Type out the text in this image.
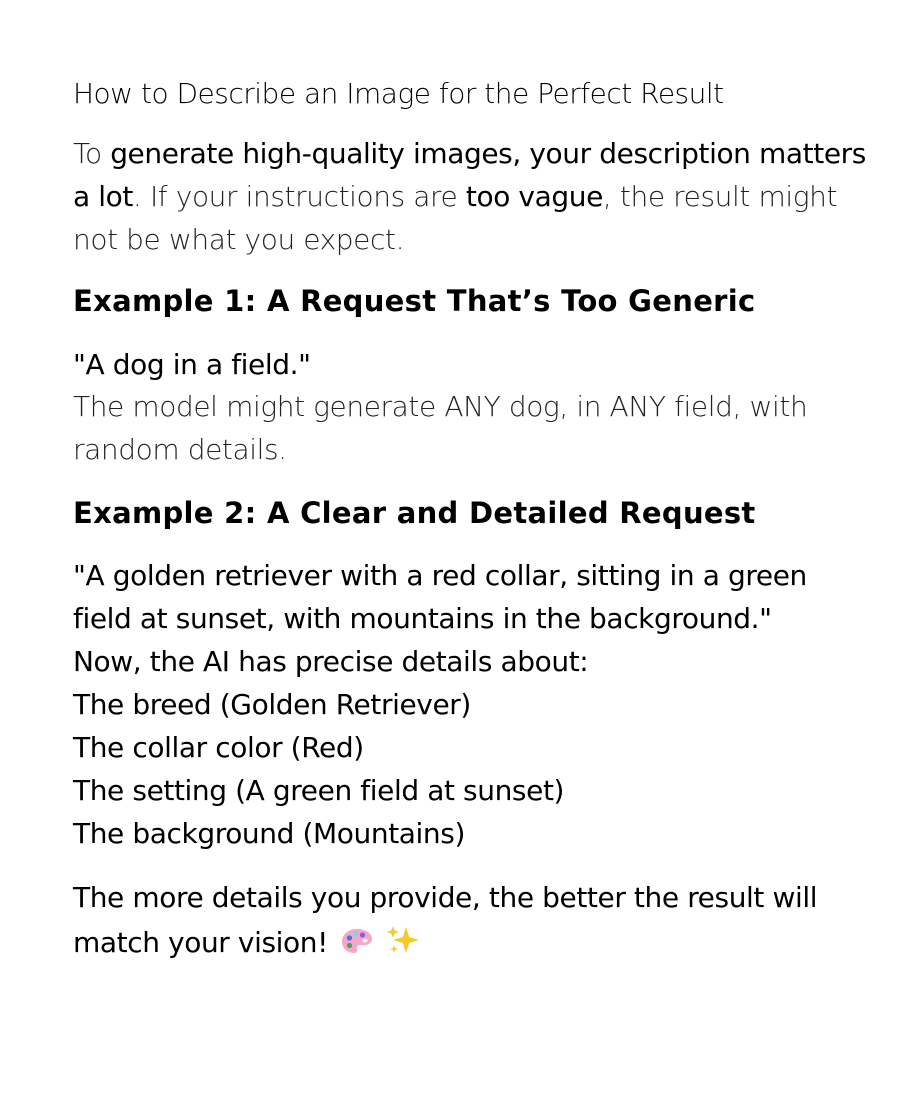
How to Describe an Image for the Perfect Result

To generate high-quality images, your description matters a lot. If your instructions are too vague, the result might not be what you expect.

Example 1: A Request That’s Too Generic

"A dog in a field."

The model might generate ANY dog, in ANY field, with random details.

Example 2: A Clear and Detailed Request
"A golden retriever with a red collar, sitting in a green field at sunset, with mountains in the background."
Now, the AI has precise details about:
The breed (Golden Retriever)
The collar color (Red)
The setting (A green field at sunset)
The background (Mountains)

The more details you provide, the better the result will match your vision!
